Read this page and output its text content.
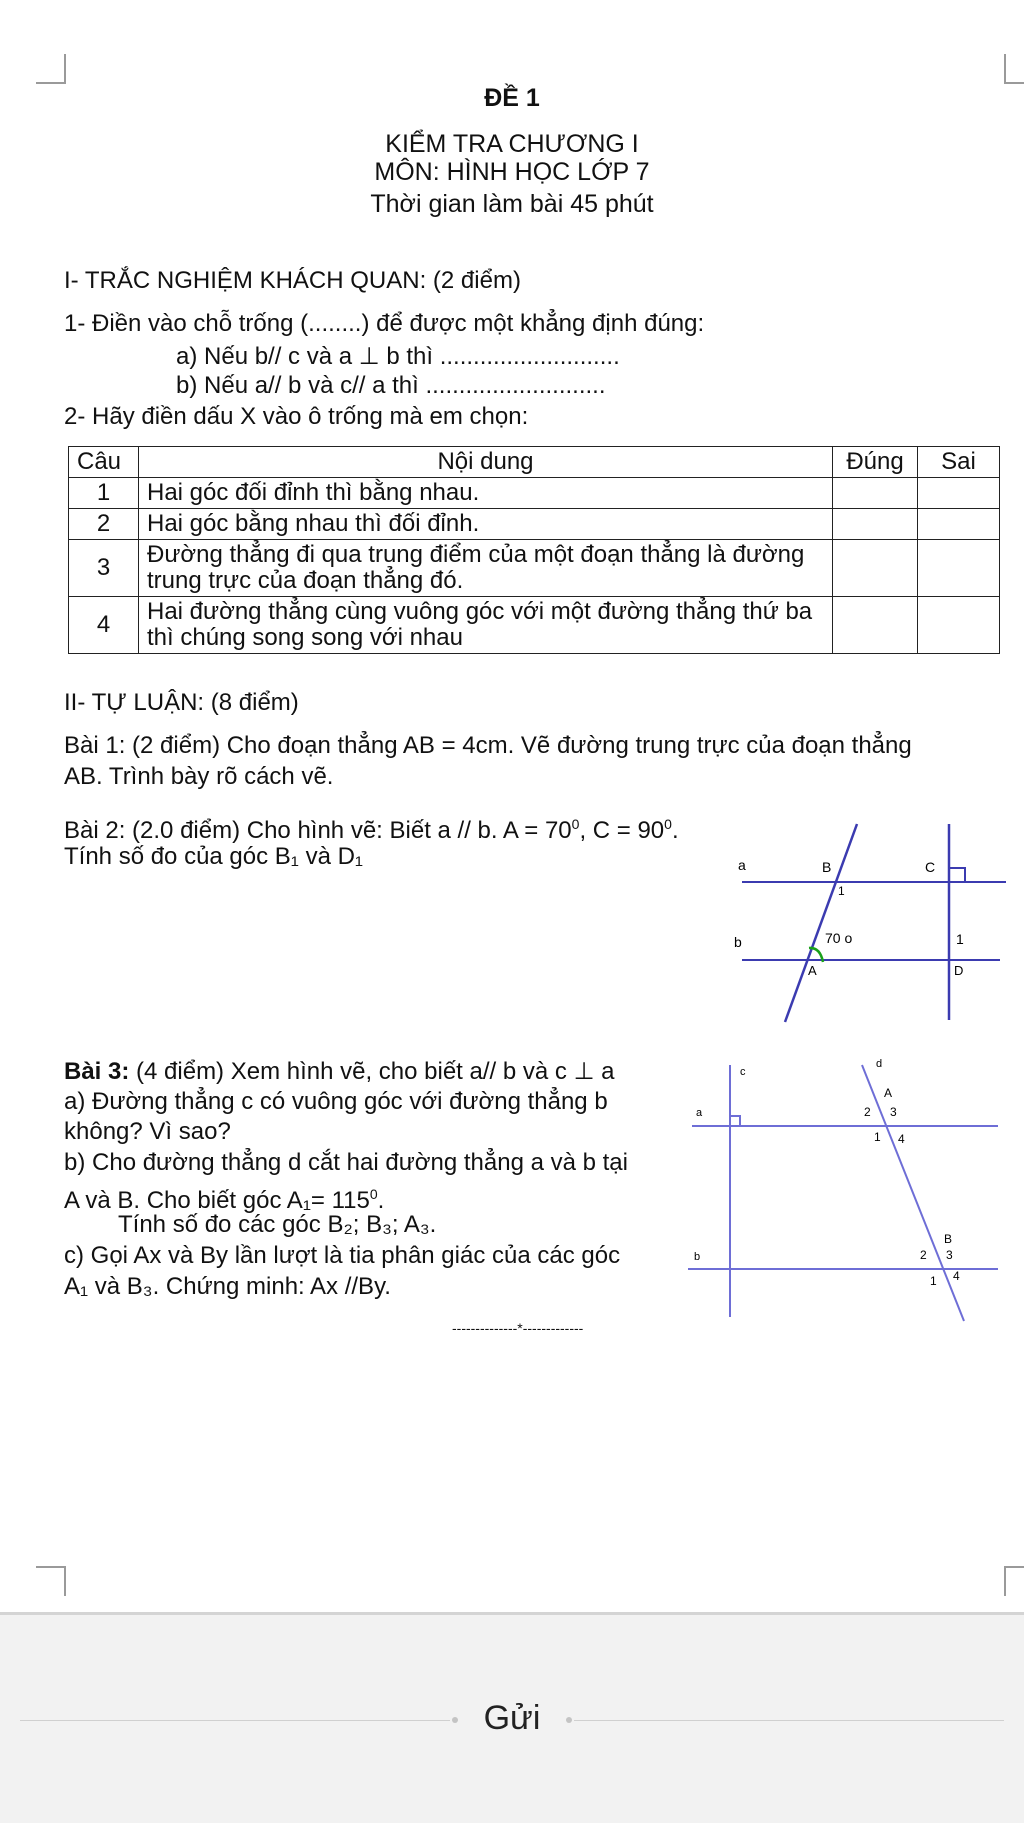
ĐỀ 1
KIỂM TRA CHƯƠNG I
MÔN: HÌNH HỌC LỚP 7
Thời gian làm bài 45 phút
I- TRẮC NGHIỆM KHÁCH QUAN: (2 điểm)
1- Điền vào chỗ trống (........) để được một khẳng định đúng:
a) Nếu b// c và a ⊥ b thì ...........................
b) Nếu a// b và c// a thì ...........................
2- Hãy điền dấu X vào ô trống mà em chọn:
Câu	Nội dung	Đúng	Sai
1	Hai góc đối đỉnh thì bằng nhau.		
2	Hai góc bằng nhau thì đối đỉnh.		
3	Đường thẳng đi qua trung điểm của một đoạn thẳng là đường trung trực của đoạn thẳng đó.		
4	Hai đường thẳng cùng vuông góc với một đường thẳng thứ ba thì chúng song song với nhau		
II- TỰ LUẬN: (8 điểm)
Bài 1: (2 điểm) Cho đoạn thẳng AB = 4cm. Vẽ đường trung trực của đoạn thẳng
AB. Trình bày rõ cách vẽ.
Bài 2: (2.0 điểm) Cho hình vẽ: Biết a // b. $A = 70^0$, $C = 90^0$.
Tính số đo của góc B₁ và D₁	a
b
B	C
1
70 o
A
1
D
Bài 3: (4 điểm) Xem hình vẽ, cho biết a// b và c ⊥ a
a) Đường thẳng c có vuông góc với đường thẳng b
không? Vì sao?
b) Cho đường thẳng d cắt hai đường thẳng a và b tại
A và B. Cho biết góc $A_1= 115^0$.
Tính số đo các góc B₂; B₃; A₃.
c) Gọi Ax và By lần lượt là tia phân giác của các góc
A₁ và B₃. Chứng minh: Ax //By.
--------------*-------------
c
d
a
b
A
2 3
1 4
B
2 3
1 4
Gửi
